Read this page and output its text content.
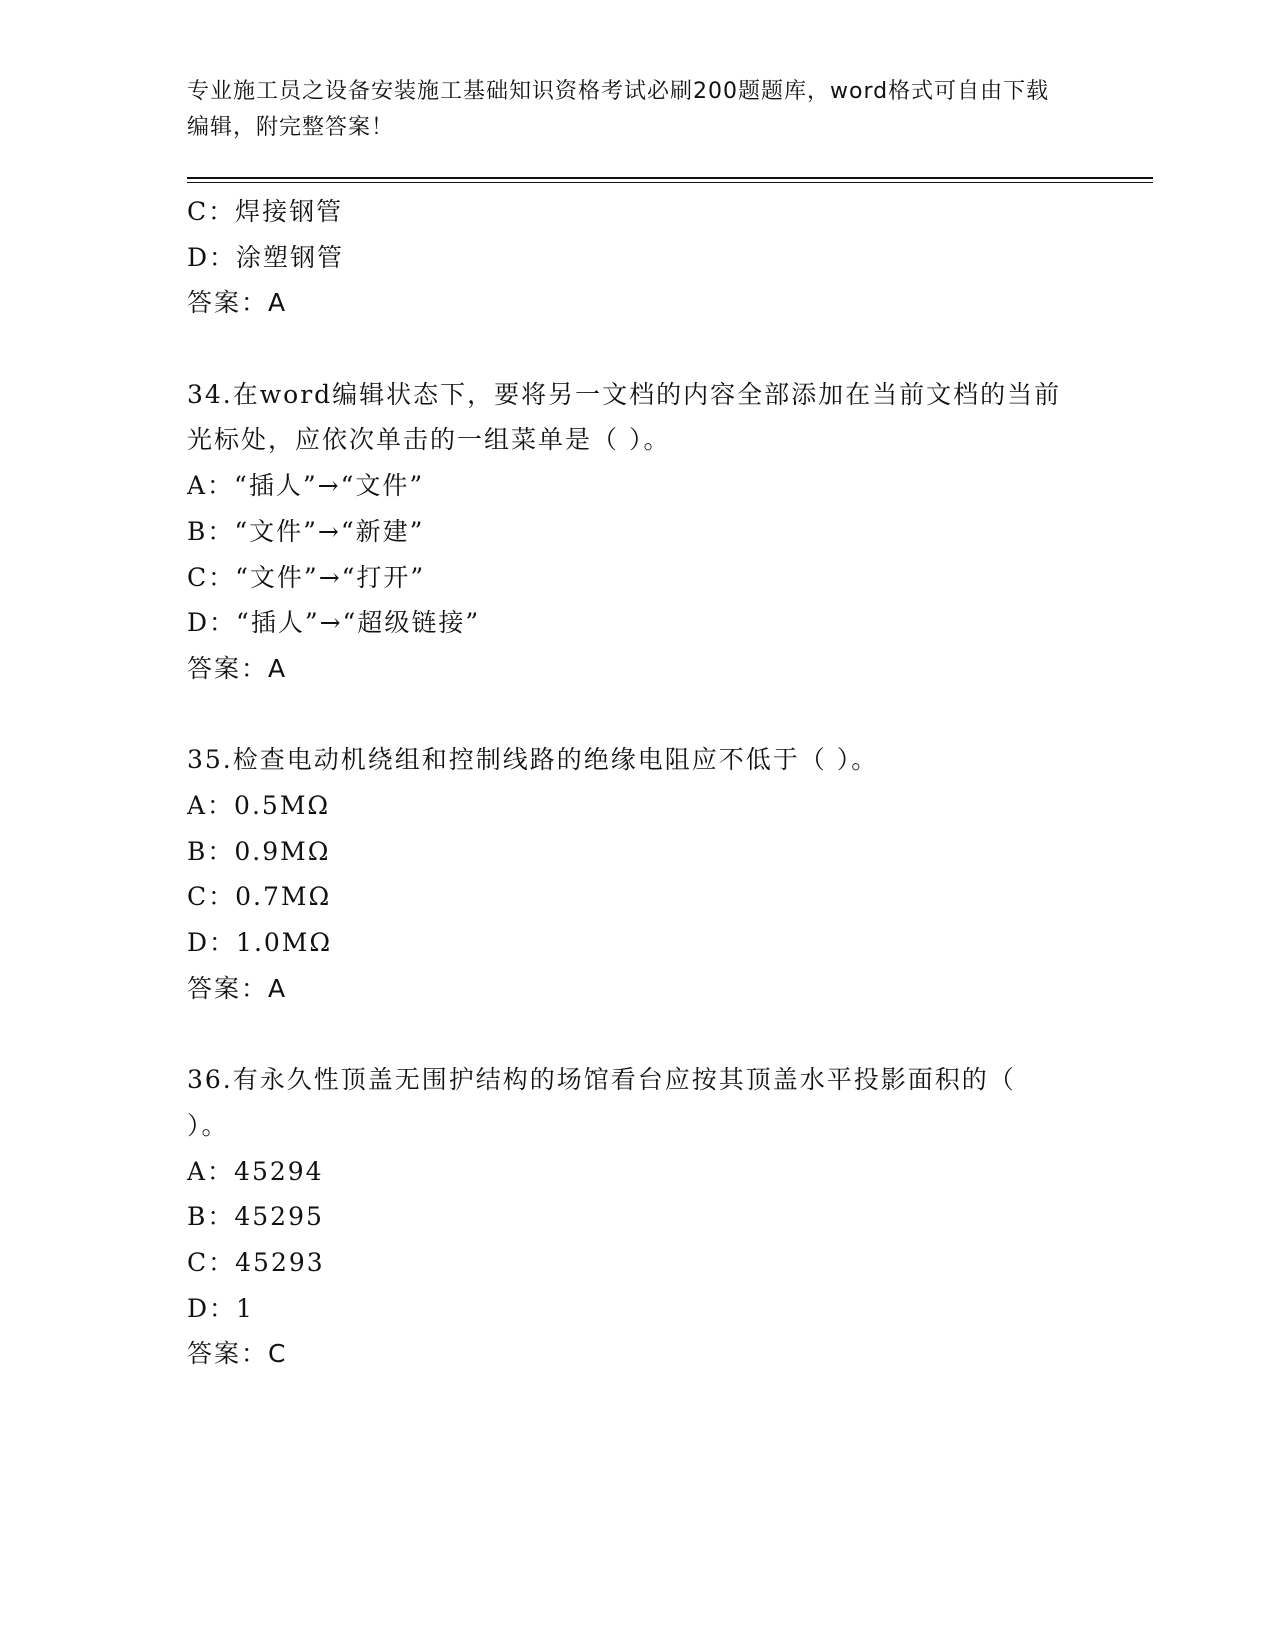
专业施工员之设备安装施工基础知识资格考试必刷200题题库，word格式可自由下载编辑，附完整答案！
C：焊接钢管
D：涂塑钢管
答案：A
34.在word编辑状态下，要将另一文档的内容全部添加在当前文档的当前光标处，应依次单击的一组菜单是（ ）。
A：“插人”→“文件”
B：“文件”→“新建”
C：“文件”→“打开”
D：“插人”→“超级链接”
答案：A
35.检查电动机绕组和控制线路的绝缘电阻应不低于（ ）。
A：0.5MΩ
B：0.9MΩ
C：0.7MΩ
D：1.0MΩ
答案：A
36.有永久性顶盖无围护结构的场馆看台应按其顶盖水平投影面积的（ ）。
A：45294
B：45295
C：45293
D：1
答案：C
